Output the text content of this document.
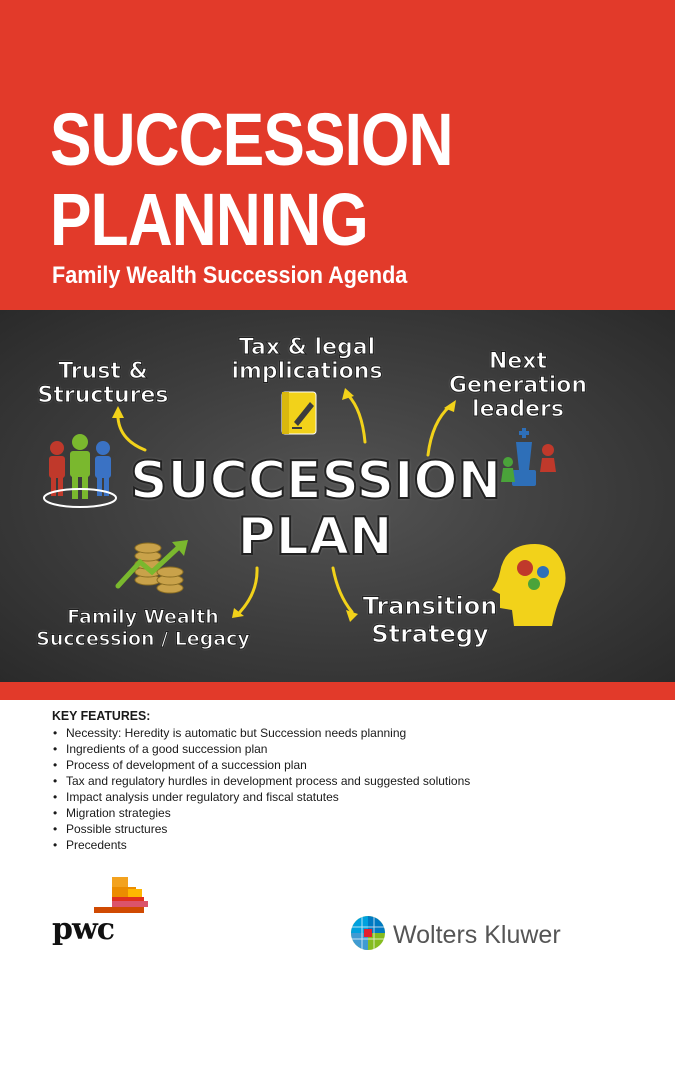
SUCCESSION
PLANNING
Family Wealth Succession Agenda
Trust &
Structures
Tax & legal
implications	Next
Generation
leaders
Family Wealth
Succession / Legacy
Transition
Strategy
SUCCESSION
PLAN
KEY FEATURES:
• Necessity: Heredity is automatic but Succession needs planning
• Ingredients of a good succession plan
• Process of development of a succession plan
• Tax and regulatory hurdles in development process and suggested solutions
• Impact analysis under regulatory and fiscal statutes
• Migration strategies
• Possible structures
• Precedents

pwc	Wolters Kluwer
